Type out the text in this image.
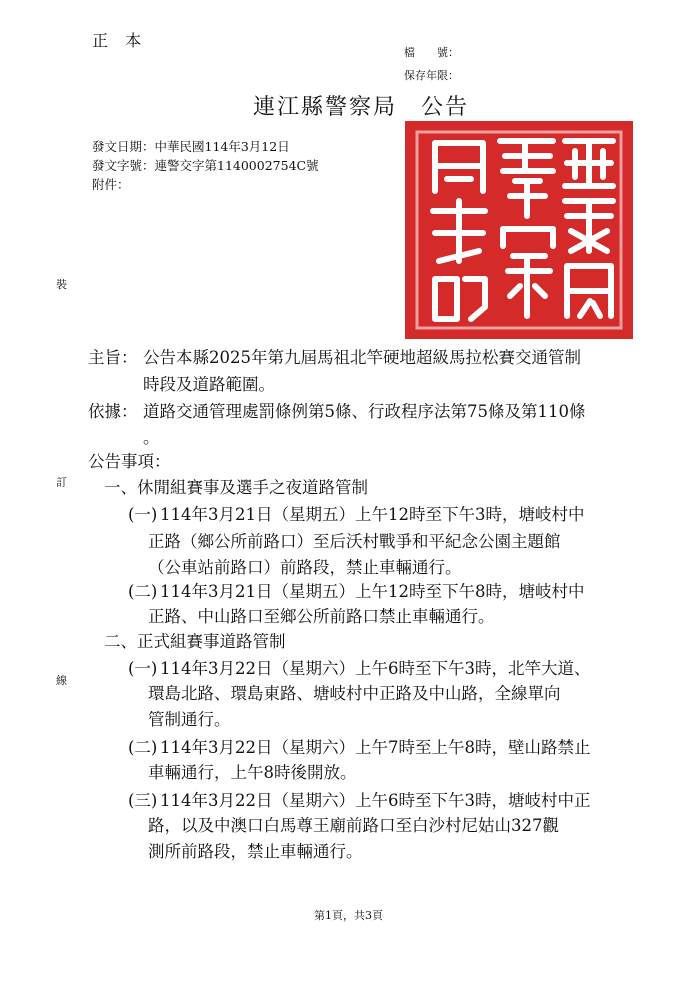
正 本
檔　　號：
保存年限：
連江縣警察局　公告
發文日期：中華民國114年3月12日
發文字號：連警交字第1140002754C號
附件：
裝
訂
線
主旨： 公告本縣2025年第九屆馬祖北竿硬地超級馬拉松賽交通管制
時段及道路範圍。
依據： 道路交通管理處罰條例第5條、行政程序法第75條及第110條
。
公告事項：
一、休閒組賽事及選手之夜道路管制
(一) 114年3月21日（星期五）上午12時至下午3時，塘岐村中
正路（鄉公所前路口）至后沃村戰爭和平紀念公園主題館
（公車站前路口）前路段，禁止車輛通行。
(二) 114年3月21日（星期五）上午12時至下午8時，塘岐村中
正路、中山路口至鄉公所前路口禁止車輛通行。
二、正式組賽事道路管制
(一) 114年3月22日（星期六）上午6時至下午3時，北竿大道、
環島北路、環島東路、塘岐村中正路及中山路，全線單向
管制通行。
(二) 114年3月22日（星期六）上午7時至上午8時，壁山路禁止
車輛通行，上午8時後開放。
(三) 114年3月22日（星期六）上午6時至下午3時，塘岐村中正
路，以及中澳口白馬尊王廟前路口至白沙村尼姑山327觀
測所前路段，禁止車輛通行。
第1頁，共3頁
